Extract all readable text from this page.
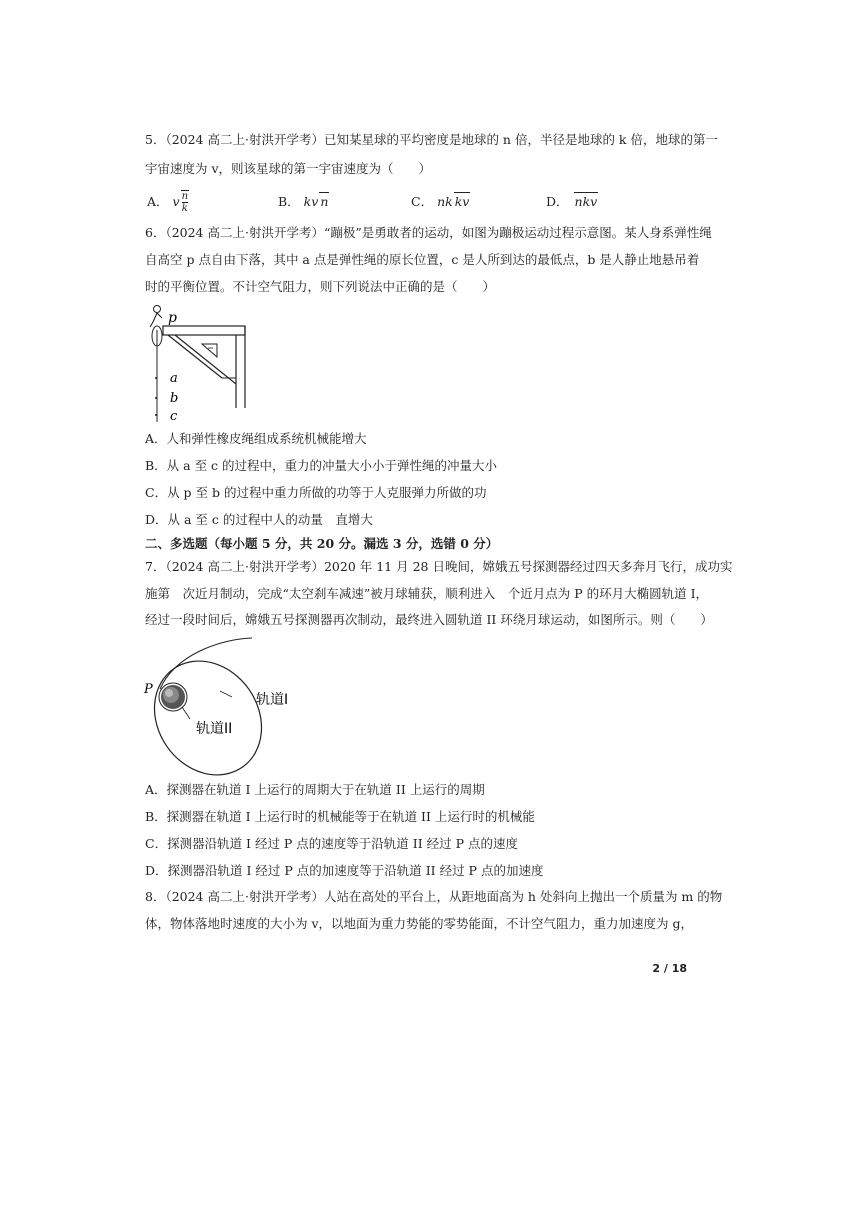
5．（2024 高二上·射洪开学考）已知某星球的平均密度是地球的 n 倍，半径是地球的 k 倍，地球的第一
宇宙速度为 v，则该星球的第一宇宙速度为（　　）
A． v $\frac{n}{k}$	B． kv n	C． nk kv	D． nkv
6．（2024 高二上·射洪开学考）“蹦极”是勇敢者的运动，如图为蹦极运动过程示意图。某人身系弹性绳
自高空 p 点自由下落，其中 a 点是弹性绳的原长位置，c 是人所到达的最低点，b 是人静止地悬吊着
时的平衡位置。不计空气阻力，则下列说法中正确的是（　　）
p
a
b
c
A．人和弹性橡皮绳组成系统机械能增大
B．从 a 至 c 的过程中，重力的冲量大小小于弹性绳的冲量大小
C．从 p 至 b 的过程中重力所做的功等于人克服弹力所做的功
D．从 a 至 c 的过程中人的动量　直增大
二、多选题（每小题 5 分，共 20 分。漏选 3 分，选错 0 分）
7．（2024 高二上·射洪开学考）2020 年 11 月 28 日晚间，嫦娥五号探测器经过四天多奔月飞行，成功实
施第　次近月制动，完成“太空刹车减速”被月球辅获，顺利进入　个近月点为 P 的环月大椭圆轨道 I，
经过一段时间后，嫦娥五号探测器再次制动，最终进入圆轨道 II 环绕月球运动，如图所示。则（　　）
P
轨道I
轨道II
A．探测器在轨道 I 上运行的周期大于在轨道 II 上运行的周期
B．探测器在轨道 I 上运行时的机械能等于在轨道 II 上运行时的机械能
C．探测器沿轨道 I 经过 P 点的速度等于沿轨道 II 经过 P 点的速度
D．探测器沿轨道 I 经过 P 点的加速度等于沿轨道 II 经过 P 点的加速度
8．（2024 高二上·射洪开学考）人站在高处的平台上，从距地面高为 h 处斜向上抛出一个质量为 m 的物
体，物体落地时速度的大小为 v，以地面为重力势能的零势能面，不计空气阻力，重力加速度为 g，
2 / 18
